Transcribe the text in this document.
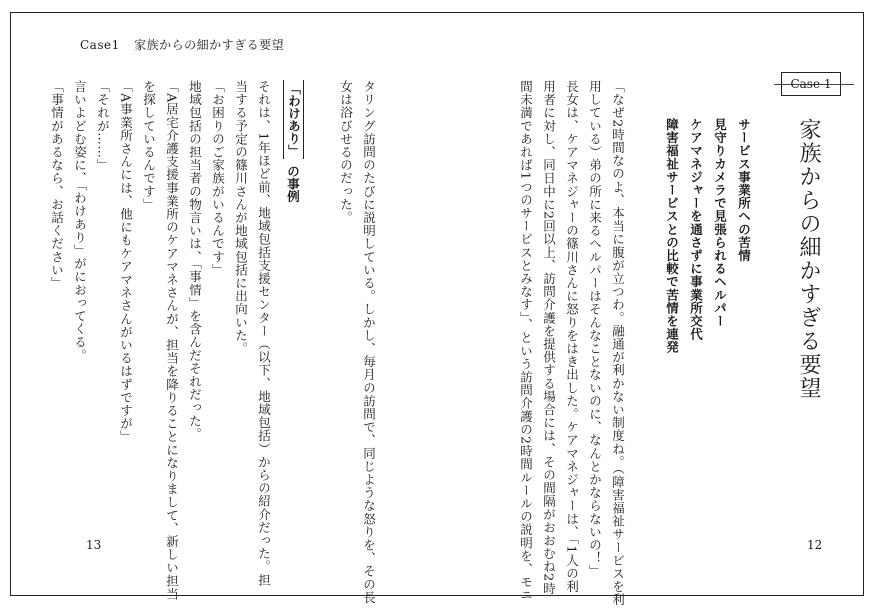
Case1 家族からの細かすぎる要望
Case 1
家族からの細かすぎる要望
サービス事業所への苦情
見守りカメラで見張られるヘルパー
ケアマネジャーを通さずに事業所交代
障害福祉サービスとの比較で苦情を連発
「なぜ2時間なのよ、本当に腹が立つわ。融通が利かない制度ね。（障害福祉サービスを利
用している）弟の所に来るヘルパーはそんなことないのに、なんとかならないの！」
長女は、ケアマネジャーの篠川さんに怒りをはき出した。ケアマネジャーは、「1人の利
用者に対し、同日中に2回以上、訪問介護を提供する場合には、その間隔がおおむね2時
間未満であれば1つのサービスとみなす」、という訪問介護の2時間ルールの説明を、モニ	12
タリング訪問のたびに説明している。しかし、毎月の訪問で、同じような怒りを、その長
女は浴びせるのだった。
「わけあり」の事例
それは、1年ほど前、地域包括支援センター（以下、地域包括）からの紹介だった。担
当する予定の篠川さんが地域包括に出向いた。
「お困りのご家族がいるんです」
地域包括の担当者の物言いは、「事情」を含んだそれだった。
「A居宅介護支援事業所のケアマネさんが、担当を降りることになりまして、新しい担当
を探しているんです」
「A事業所さんには、他にもケアマネさんがいるはずですが」
「それが……」
言いよどむ姿に、「わけあり」がにおってくる。
「事情があるなら、お話ください」
13
